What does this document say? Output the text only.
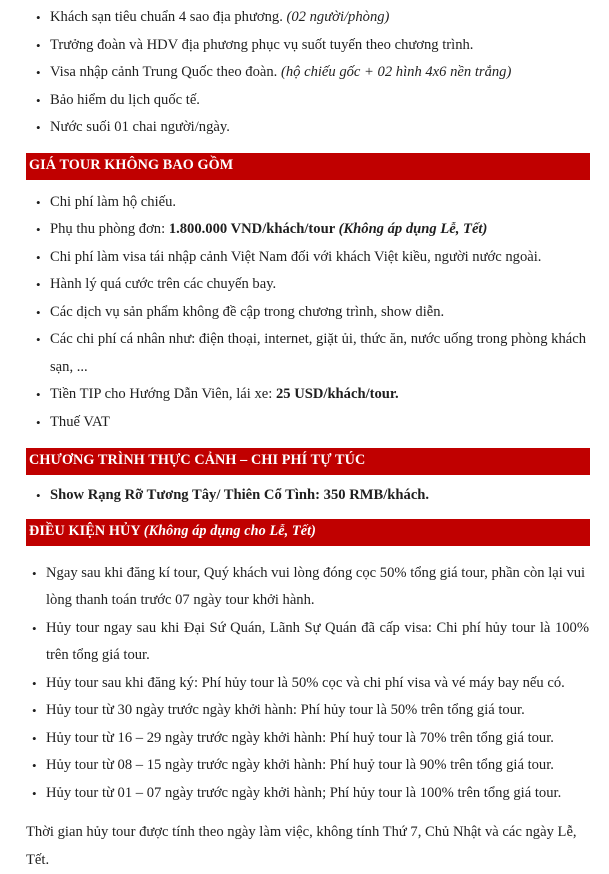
• Khách sạn tiêu chuẩn 4 sao địa phương. (02 người/phòng)
• Trưởng đoàn và HDV địa phương phục vụ suốt tuyến theo chương trình.
• Visa nhập cảnh Trung Quốc theo đoàn. (hộ chiếu gốc + 02 hình 4x6 nền trắng)
• Bảo hiểm du lịch quốc tế.
• Nước suối 01 chai người/ngày.
GIÁ TOUR KHÔNG BAO GỒM
• Chi phí làm hộ chiếu.
• Phụ thu phòng đơn: 1.800.000 VND/khách/tour (Không áp dụng Lễ, Tết)
• Chi phí làm visa tái nhập cảnh Việt Nam đối với khách Việt kiều, người nước ngoài.
• Hành lý quá cước trên các chuyến bay.
• Các dịch vụ sản phẩm không đề cập trong chương trình, show diễn.
• Các chi phí cá nhân như: điện thoại, internet, giặt ủi, thức ăn, nước uống trong phòng khách sạn, ...
• Tiền TIP cho Hướng Dẫn Viên, lái xe: 25 USD/khách/tour.
• Thuế VAT
CHƯƠNG TRÌNH THỰC CẢNH – CHI PHÍ TỰ TÚC
• Show Rạng Rỡ Tương Tây/ Thiên Cổ Tình: 350 RMB/khách.
ĐIỀU KIỆN HỦY (Không áp dụng cho Lễ, Tết)
• Ngay sau khi đăng kí tour, Quý khách vui lòng đóng cọc 50% tổng giá tour, phần còn lại vui lòng thanh toán trước 07 ngày tour khởi hành.
• Hủy tour ngay sau khi Đại Sứ Quán, Lãnh Sự Quán đã cấp visa: Chi phí hủy tour là 100% trên tổng giá tour.
• Hủy tour sau khi đăng ký: Phí hủy tour là 50% cọc và chi phí visa và vé máy bay nếu có.
• Hủy tour từ 30 ngày trước ngày khởi hành: Phí hủy tour là 50% trên tổng giá tour.
• Hủy tour từ 16 – 29 ngày trước ngày khởi hành: Phí huỷ tour là 70% trên tổng giá tour.
• Hủy tour từ 08 – 15 ngày trước ngày khởi hành: Phí huỷ tour là 90% trên tổng giá tour.
• Hủy tour từ 01 – 07 ngày trước ngày khởi hành; Phí hủy tour là 100% trên tổng giá tour.

Thời gian hủy tour được tính theo ngày làm việc, không tính Thứ 7, Chủ Nhật và các ngày Lễ, Tết.
